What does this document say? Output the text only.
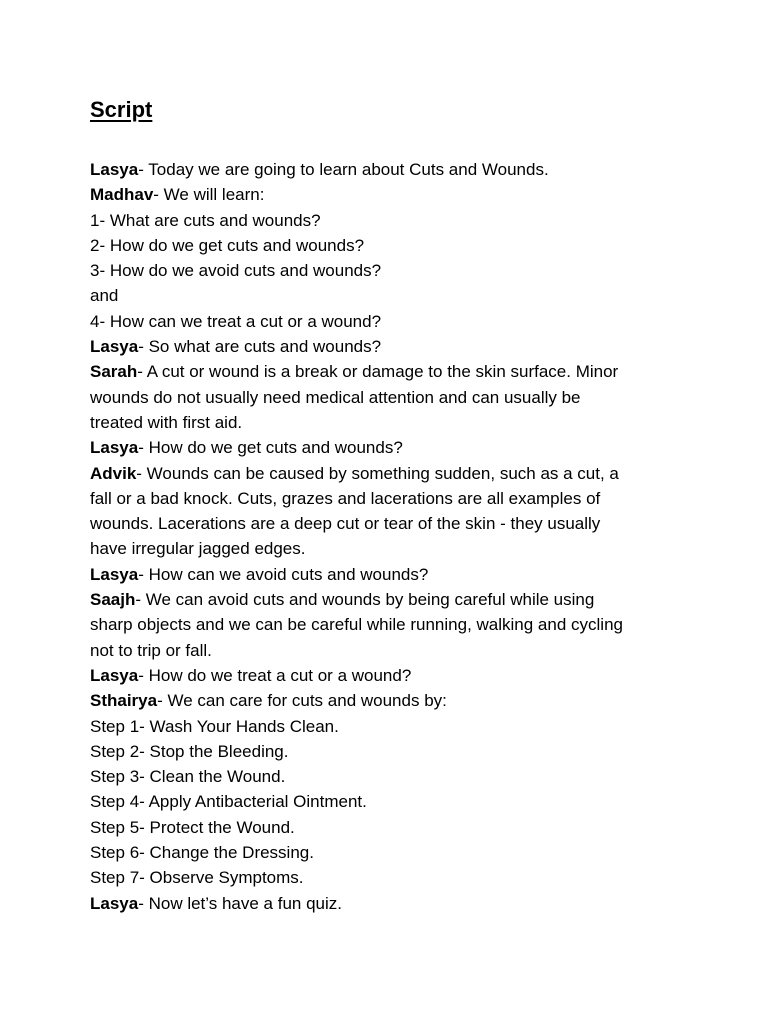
Script
Lasya- Today we are going to learn about Cuts and Wounds.
Madhav- We will learn:
1- What are cuts and wounds?
2- How do we get cuts and wounds?
3- How do we avoid cuts and wounds?
and
4- How can we treat a cut or a wound?
Lasya- So what are cuts and wounds?
Sarah- A cut or wound is a break or damage to the skin surface. Minor
wounds do not usually need medical attention and can usually be
treated with first aid.
Lasya- How do we get cuts and wounds?
Advik- Wounds can be caused by something sudden, such as a cut, a
fall or a bad knock. Cuts, grazes and lacerations are all examples of
wounds. Lacerations are a deep cut or tear of the skin - they usually
have irregular jagged edges.
Lasya- How can we avoid cuts and wounds?
Saajh- We can avoid cuts and wounds by being careful while using
sharp objects and we can be careful while running, walking and cycling
not to trip or fall.
Lasya- How do we treat a cut or a wound?
Sthairya- We can care for cuts and wounds by:
Step 1- Wash Your Hands Clean.
Step 2- Stop the Bleeding.
Step 3- Clean the Wound.
Step 4- Apply Antibacterial Ointment.
Step 5- Protect the Wound.
Step 6- Change the Dressing.
Step 7- Observe Symptoms.
Lasya- Now let’s have a fun quiz.
